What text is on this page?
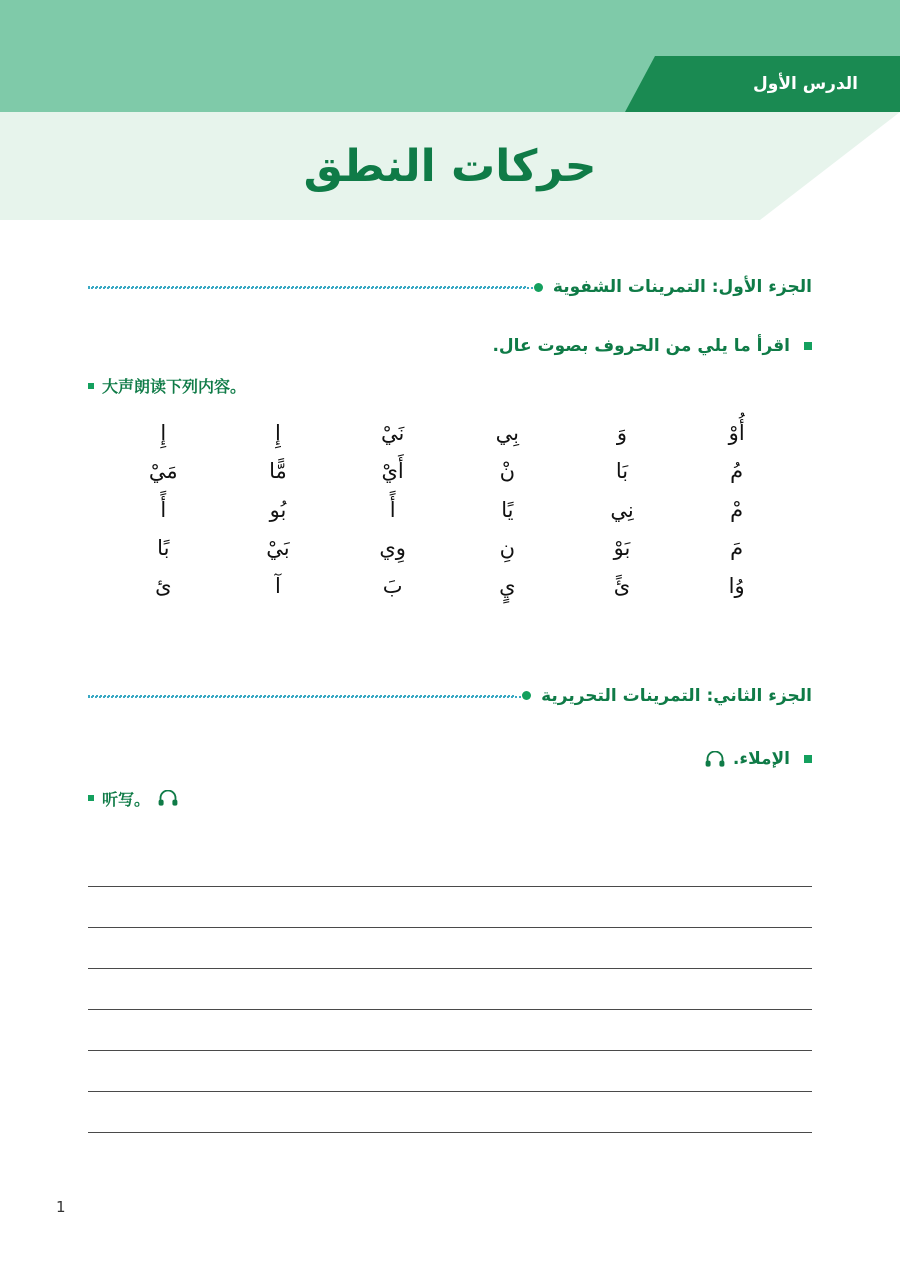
الدرس الأول
حركات النطق
الجزء الأول: التمرينات الشفوية
اقرأ ما يلي من الحروف بصوت عال.
大声朗读下列内容。
أُوْ
وَ
بِي
نَيْ
إِ
إِ
مُ
بَا
نْ
أَيْ
مًّا
مَيْ
مْ
نِي
يًا
أً
بُو
أً
مَ
بَوْ
نِ
وِي
بَيْ
بًا
وُا
ئً
يٍ
بَ
آ
ئ
الجزء الثاني: التمرينات التحريرية
الإملاء.
听写。
1
